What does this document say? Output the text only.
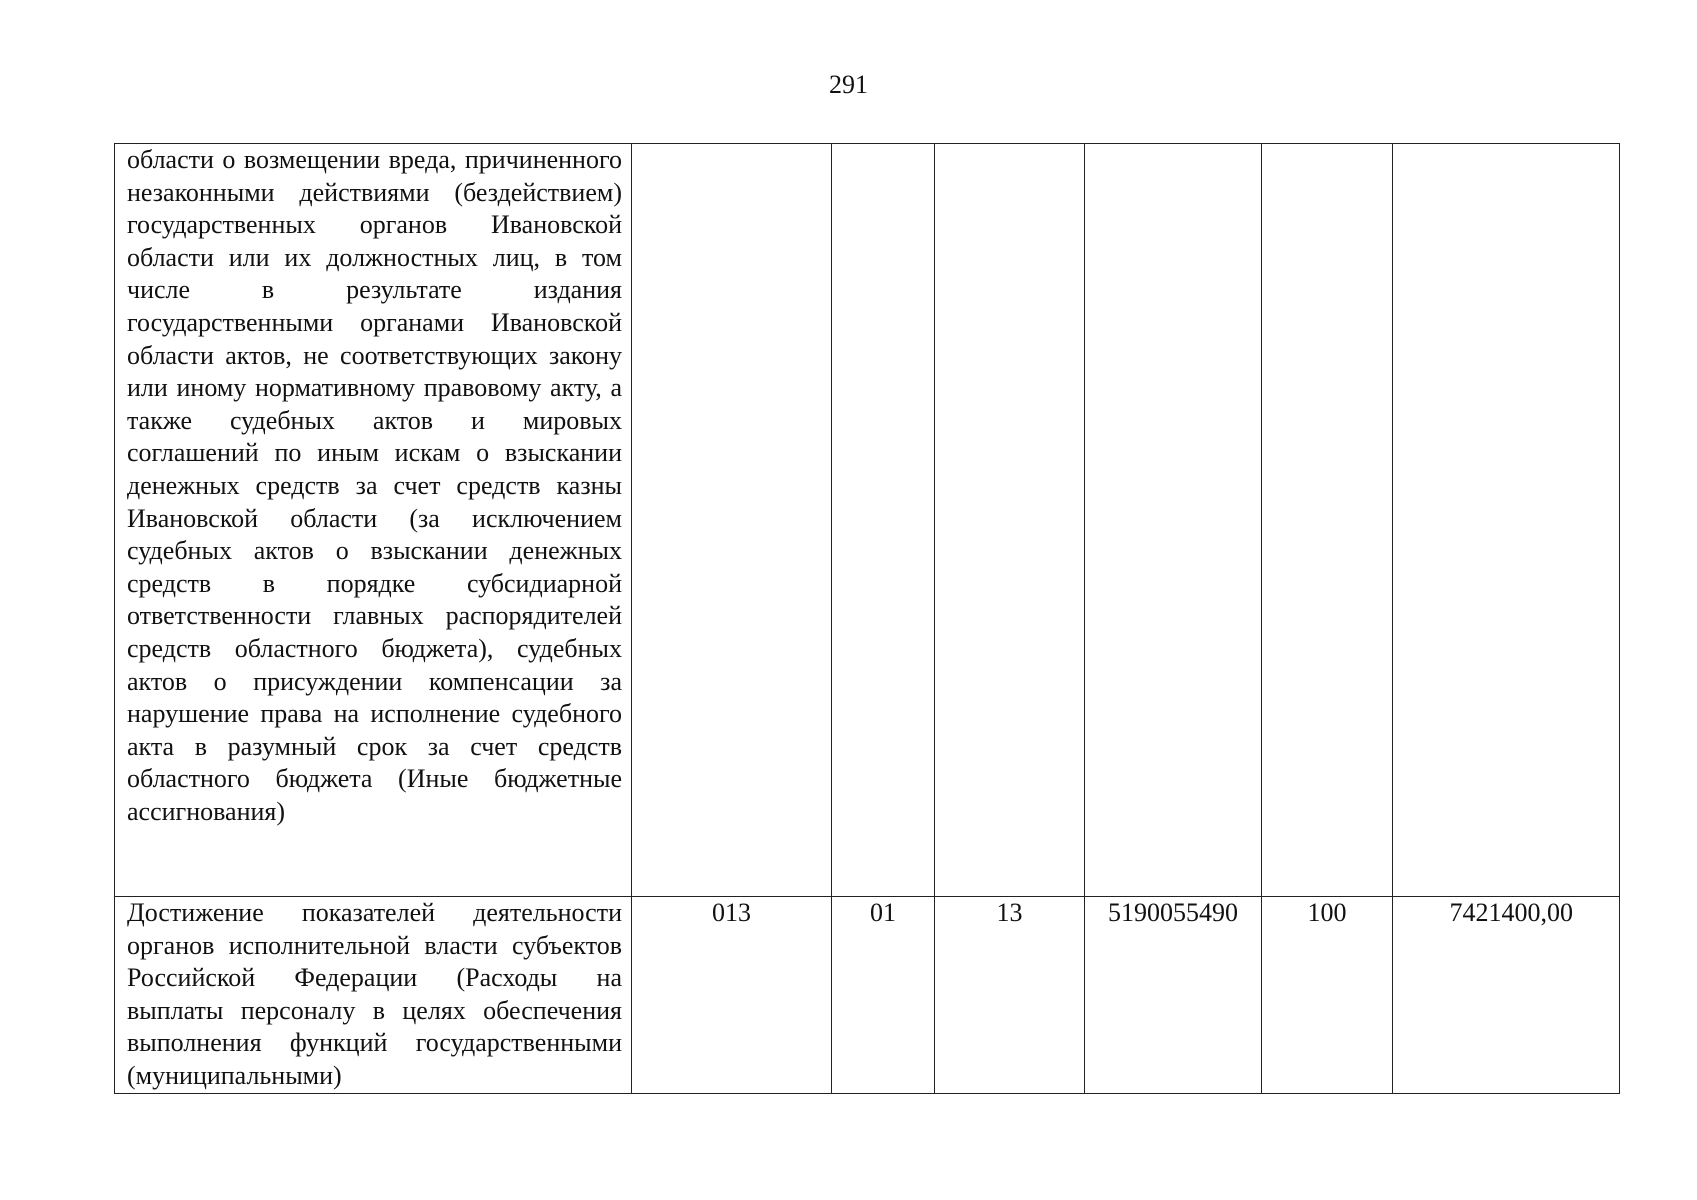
291
области о возмещении вреда, причиненного незаконными действиями (бездействием) государственных органов Ивановской области или их должностных лиц, в том числе в результате издания государственными органами Ивановской области актов, не соответствующих закону или иному нормативному правовому акту, а также судебных актов и мировых соглашений по иным искам о взыскании денежных средств за счет средств казны Ивановской области (за исключением судебных актов о взыскании денежных средств в порядке субсидиарной ответственности главных распорядителей средств областного бюджета), судебных актов о присуждении компенсации за нарушение права на исполнение судебного акта в разумный срок за счет средств областного бюджета (Иные бюджетные ассигнования)						

Достижение показателей деятельности органов исполнительной власти субъектов Российской Федерации (Расходы на выплаты персоналу в целях обеспечения выполнения функций государственными (муниципальными)	013	01	13	5190055490	100	7421400,00
